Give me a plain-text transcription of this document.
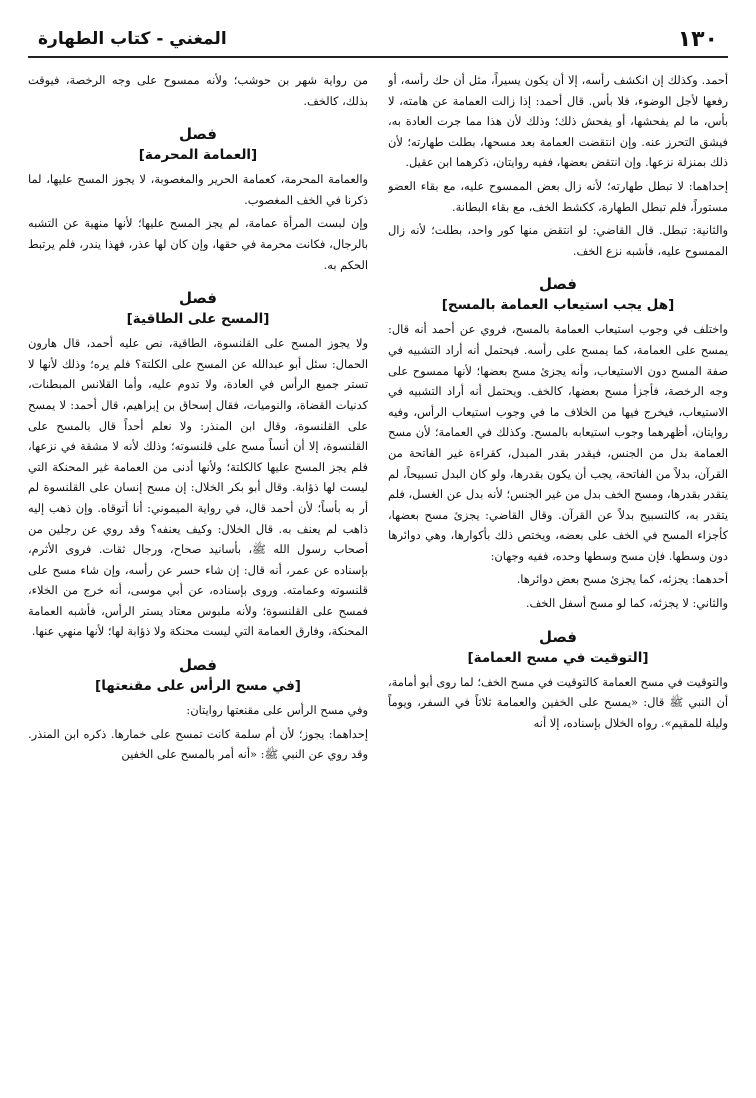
١٣٠
المغني - كتاب الطهارة

أحمد. وكذلك إن انكشف رأسه، إلا أن يكون يسيراً، مثل أن حك رأسه، أو رفعها لأجل الوضوء، فلا بأس. قال أحمد: إذا زالت العمامة عن هامته، لا بأس، ما لم يفحشها، أو يفحش ذلك؛ وذلك لأن هذا مما جرت العادة به، فيشق التحرز عنه. وإن انتقضت العمامة بعد مسحها، بطلت طهارته؛ لأن ذلك بمنزلة نزعها. وإن انتقض بعضها، ففيه روايتان، ذكرهما ابن عقيل.

إحداهما: لا تبطل طهارته؛ لأنه زال بعض الممسوح عليه، مع بقاء العضو مستوراً، فلم تبطل الطهارة، ككشط الخف، مع بقاء البطانة.

والثانية: تبطل. قال القاضي: لو انتقض منها كور واحد، بطلت؛ لأنه زال الممسوح عليه، فأشبه نزع الخف.

فصل
[هل يجب استيعاب العمامة بالمسح]

واختلف في وجوب استيعاب العمامة بالمسح، فروي عن أحمد أنه قال: يمسح على العمامة، كما يمسح على رأسه. فيحتمل أنه أراد التشبيه في صفة المسح دون الاستيعاب، وأنه يجزئ مسح بعضها؛ لأنها ممسوح على وجه الرخصة، فأجزأ مسح بعضها، كالخف. ويحتمل أنه أراد التشبيه في الاستيعاب، فيخرج فيها من الخلاف ما في وجوب استيعاب الرأس، وفيه روايتان، أظهرهما وجوب استيعابه بالمسح. وكذلك في العمامة؛ لأن مسح العمامة بدل من الجنس، فيقدر بقدر المبدل، كقراءة غير الفاتحة من القرآن، بدلاً من الفاتحة، يجب أن يكون بقدرها، ولو كان البدل تسبيحاً، لم يتقدر بقدرها، ومسح الخف بدل من غير الجنس؛ لأنه بدل عن الغسل، فلم يتقدر به، كالتسبيح بدلاً عن القرآن. وقال القاضي: يجزئ مسح بعضها، كأجزاء المسح في الخف على بعضه، ويختص ذلك بأكوارها، وهي دوائرها دون وسطها. فإن مسح وسطها وحده، ففيه وجهان:

أحدهما: يجزئه، كما يجزئ مسح بعض دوائرها.

والثاني: لا يجزئه، كما لو مسح أسفل الخف.

فصل
[التوقيت في مسح العمامة]

والتوقيت في مسح العمامة كالتوقيت في مسح الخف؛ لما روى أبو أمامة، أن النبي ﷺ قال: «يمسح على الخفين والعمامة ثلاثاً في السفر، ويوماً وليلة للمقيم». رواه الخلال بإسناده، إلا أنه

من رواية شهر بن حوشب؛ ولأنه ممسوح على وجه الرخصة، فيوقت بذلك، كالخف.

فصل
[العمامة المحرمة]

والعمامة المحرمة، كعمامة الحرير والمغصوبة، لا يجوز المسح عليها، لما ذكرنا في الخف المغصوب.

وإن لبست المرأة عمامة، لم يجز المسح عليها؛ لأنها منهية عن التشبه بالرجال، فكانت محرمة في حقها، وإن كان لها عذر، فهذا يندر، فلم يرتبط الحكم به.

فصل
[المسح على الطاقية]

ولا يجوز المسح على القلنسوة، الطاقية، نص عليه أحمد، قال هارون الحمال: سئل أبو عبدالله عن المسح على الكلتة؟ فلم يره؛ وذلك لأنها لا تستر جميع الرأس في العادة، ولا تدوم عليه، وأما القلانس المبطنات، كدنيات القضاة، والنوميات، فقال إسحاق بن إبراهيم، قال أحمد: لا يمسح على القلنسوة، وقال ابن المنذر: ولا نعلم أحداً قال بالمسح على القلنسوة، إلا أن أنساً مسح على قلنسوته؛ وذلك لأنه لا مشقة في نزعها، فلم يجز المسح عليها كالكلتة؛ ولأنها أدنى من العمامة غير المحنكة التي ليست لها ذؤابة. وقال أبو بكر الخلال: إن مسح إنسان على القلنسوة لم أر به بأساً؛ لأن أحمد قال، في رواية الميموني: أنا أتوقاه. وإن ذهب إليه ذاهب لم يعنف به. قال الخلال: وكيف يعنفه؟ وقد روي عن رجلين من أصحاب رسول الله ﷺ، بأسانيد صحاح، ورجال ثقات. فروى الأثرم، بإسناده عن عمر، أنه قال: إن شاء حسر عن رأسه، وإن شاء مسح على قلنسوته وعمامته. وروى بإسناده، عن أبي موسى، أنه خرج من الخلاء، فمسح على القلنسوة؛ ولأنه ملبوس معتاد يستر الرأس، فأشبه العمامة المحنكة، وفارق العمامة التي ليست محنكة ولا ذؤابة لها؛ لأنها منهي عنها.

فصل
[في مسح الرأس على مقنعتها]

وفي مسح الرأس على مقنعتها روايتان:

إحداهما: يجوز؛ لأن أم سلمة كانت تمسح على خمارها. ذكره ابن المنذر. وقد روي عن النبي ﷺ: «أنه أمر بالمسح على الخفين
